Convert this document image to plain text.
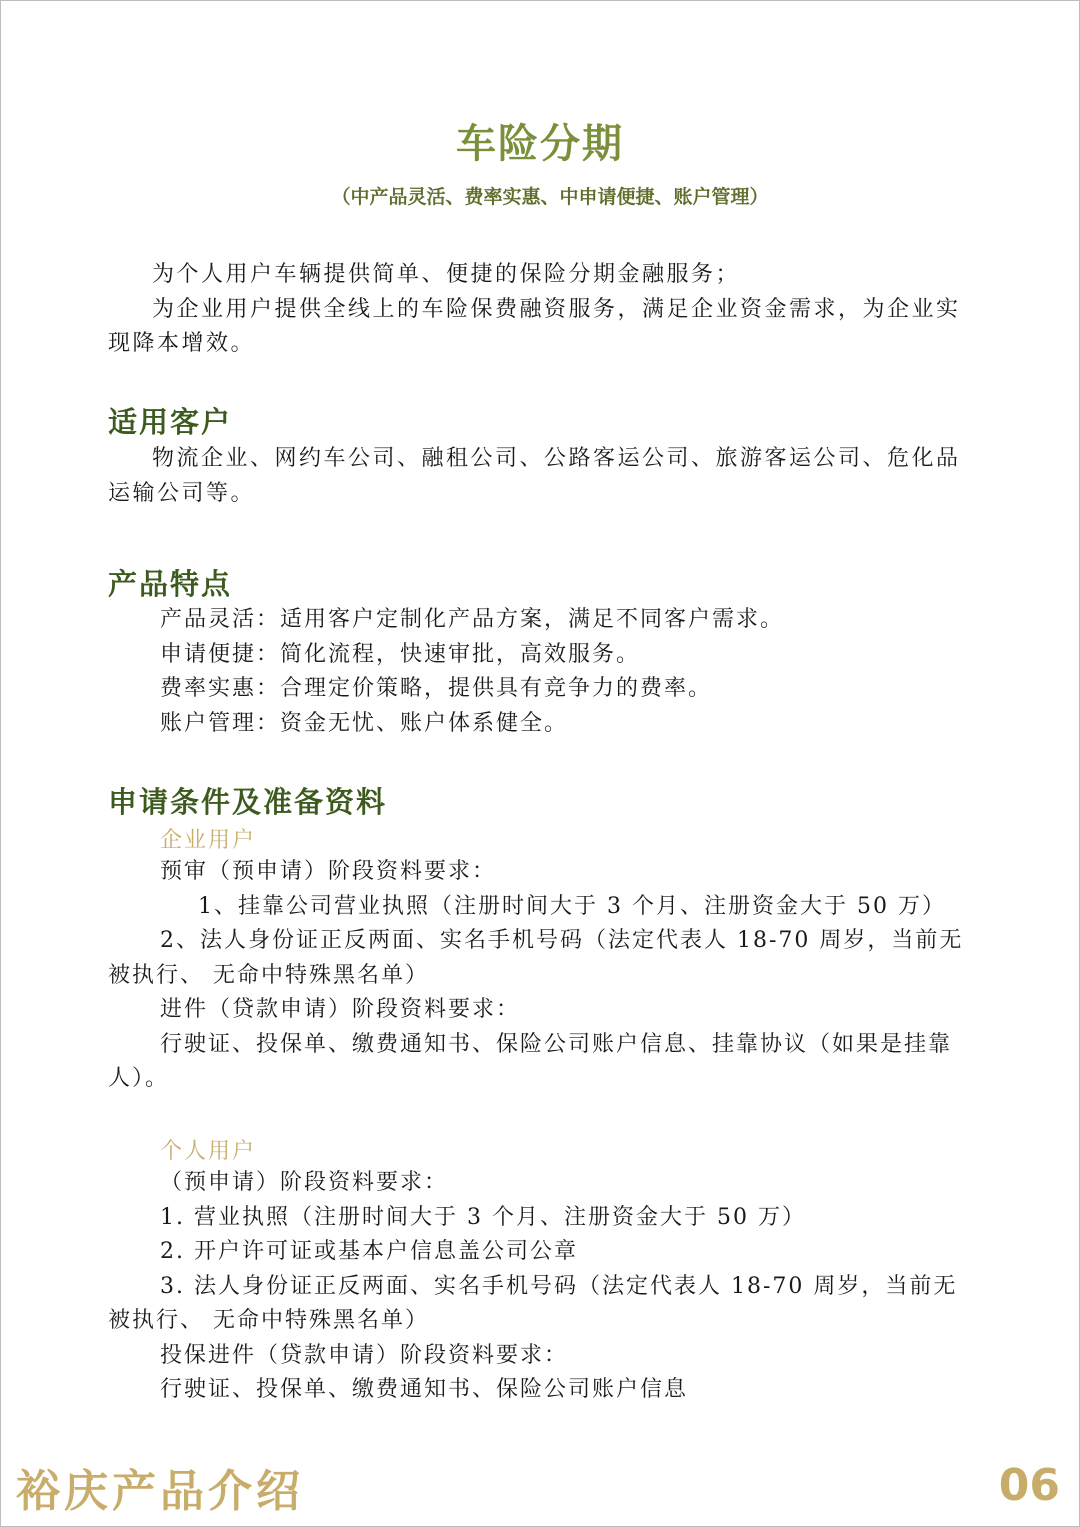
车险分期
（中产品灵活、费率实惠、中申请便捷、账户管理）
为个人用户车辆提供简单、便捷的保险分期金融服务；
为企业用户提供全线上的车险保费融资服务，满足企业资金需求，为企业实现降本增效。
适用客户
物流企业、网约车公司、融租公司、公路客运公司、旅游客运公司、危化品运输公司等。
产品特点
产品灵活：适用客户定制化产品方案，满足不同客户需求。
申请便捷：简化流程，快速审批，高效服务。
费率实惠：合理定价策略，提供具有竞争力的费率。
账户管理：资金无忧、账户体系健全。
申请条件及准备资料
企业用户
预审（预申请）阶段资料要求：
1、挂靠公司营业执照（注册时间大于 3 个月、注册资金大于 50 万）
2、法人身份证正反两面、实名手机号码（法定代表人 18-70 周岁，当前无被执行、 无命中特殊黑名单）
进件（贷款申请）阶段资料要求：
行驶证、投保单、缴费通知书、保险公司账户信息、挂靠协议（如果是挂靠人）。
个人用户
（预申请）阶段资料要求：
1. 营业执照（注册时间大于 3 个月、注册资金大于 50 万）
2. 开户许可证或基本户信息盖公司公章
3. 法人身份证正反两面、实名手机号码（法定代表人 18-70 周岁，当前无被执行、 无命中特殊黑名单）
投保进件（贷款申请）阶段资料要求：
行驶证、投保单、缴费通知书、保险公司账户信息
裕庆产品介绍	06
